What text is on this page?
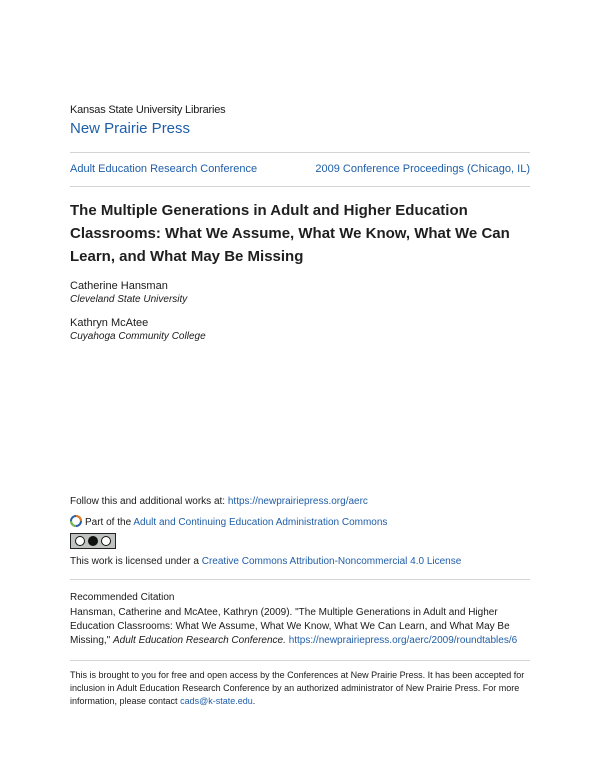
Kansas State University Libraries
New Prairie Press
Adult Education Research Conference	2009 Conference Proceedings (Chicago, IL)
The Multiple Generations in Adult and Higher Education Classrooms: What We Assume, What We Know, What We Can Learn, and What May Be Missing
Catherine Hansman
Cleveland State University
Kathryn McAtee
Cuyahoga Community College
Follow this and additional works at: https://newprairiepress.org/aerc
Part of the Adult and Continuing Education Administration Commons
This work is licensed under a Creative Commons Attribution-Noncommercial 4.0 License
Recommended Citation
Hansman, Catherine and McAtee, Kathryn (2009). "The Multiple Generations in Adult and Higher Education Classrooms: What We Assume, What We Know, What We Can Learn, and What May Be Missing," Adult Education Research Conference. https://newprairiepress.org/aerc/2009/roundtables/6
This is brought to you for free and open access by the Conferences at New Prairie Press. It has been accepted for inclusion in Adult Education Research Conference by an authorized administrator of New Prairie Press. For more information, please contact cads@k-state.edu.
